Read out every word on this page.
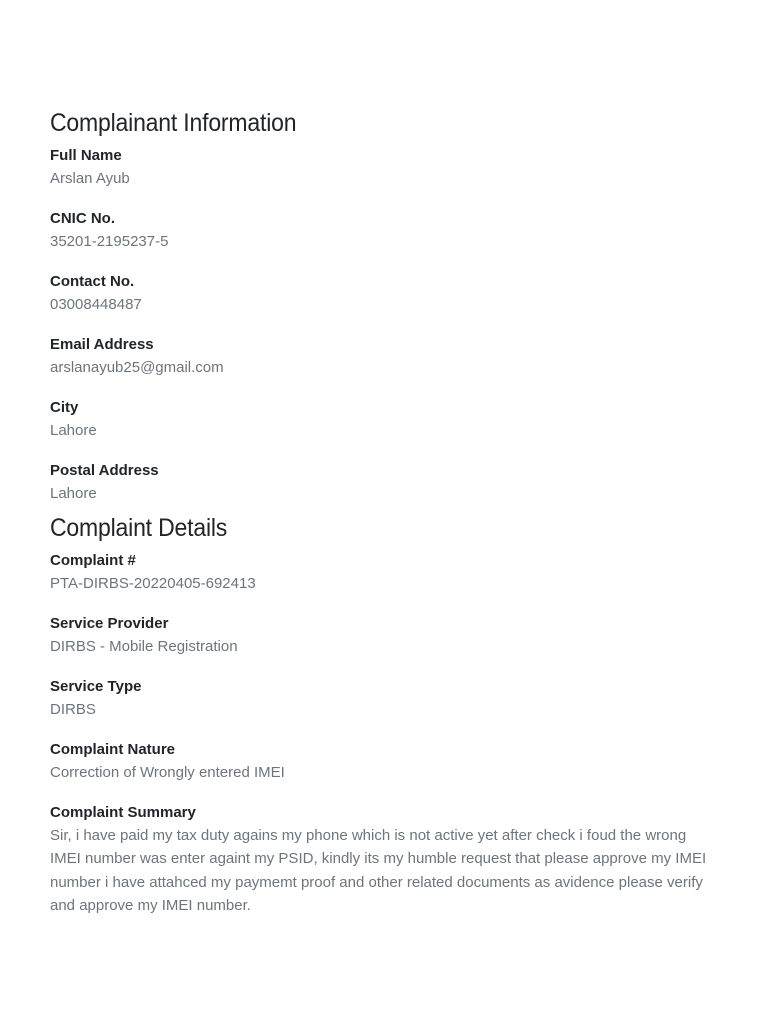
Complainant Information
Full Name
Arslan Ayub
CNIC No.
35201-2195237-5
Contact No.
03008448487
Email Address
arslanayub25@gmail.com
City
Lahore
Postal Address
Lahore
Complaint Details
Complaint #
PTA-DIRBS-20220405-692413
Service Provider
DIRBS - Mobile Registration
Service Type
DIRBS
Complaint Nature
Correction of Wrongly entered IMEI
Complaint Summary
Sir, i have paid my tax duty agains my phone which is not active yet after check i foud the wrong IMEI number was enter againt my PSID, kindly its my humble request that please approve my IMEI number i have attahced my paymemt proof and other related documents as avidence please verify and approve my IMEI number.
